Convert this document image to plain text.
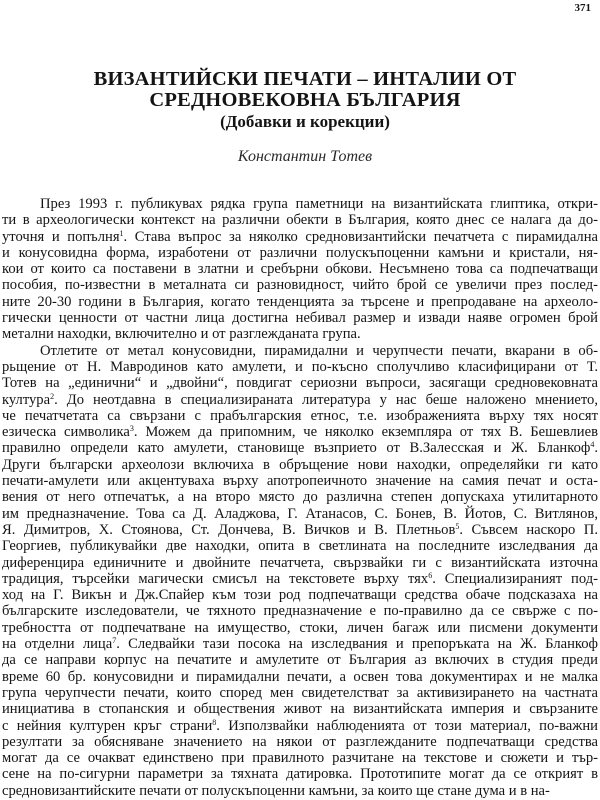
371
ВИЗАНТИЙСКИ ПЕЧАТИ – ИНТАЛИИ ОТ
СРЕДНОВЕКОВНА БЪЛГАРИЯ
(Добавки и корекции)
Константин Тотев
През 1993 г. публикувах рядка група паметници на византийската глиптика, откри-
ти в археологически контекст на различни обекти в България, която днес се налага да до-
уточня и попълня$^1$. Става въпрос за няколко средновизантийски печатчета с пирамидална
и конусовидна форма, изработени от различни полускъпоценни камъни и кристали, ня-
кои от които са поставени в златни и сребърни обкови. Несъмнено това са подпечатващи
пособия, по-известни в металната си разновидност, чийто брой се увеличи през послед-
ните 20-30 години в България, когато тенденцията за търсене и препродаване на археоло-
гически ценности от частни лица достигна небивал размер и извади наяве огромен брой
метални находки, включително и от разглежданата група.
Отлетите от метал конусовидни, пирамидални и черупчести печати, вкарани в об-
рьщение от Н. Мавродинов като амулети, и по-късно сполучливо класифицирани от Т.
Тотев на „единични“ и „двойни“, повдигат сериозни въпроси, засягащи средновековната
култура$^2$. До неотдавна в специализираната литература у нас беше наложено мнението,
че печатчетата са свързани с прабългарския етнос, т.е. изображенията върху тях носят
езическа символика$^3$. Можем да припомним, че няколко екземпляра от тях В. Бешевлиев
правилно определи като амулети, становище възприето от В.Залесская и Ж. Бланкоф$^4$.
Други български археолози включиха в обръщение нови находки, определяйки ги като
печати-амулети или акцентуваха върху апотропеичното значение на самия печат и оста-
вения от него отпечатък, а на второ място до различна степен допускаха утилитарното
им предназначение. Това са Д. Аладжова, Г. Атанасов, С. Бонев, В. Йотов, С. Витлянов,
Я. Димитров, Х. Стоянова, Ст. Дончева, В. Вичков и В. Плетньов$^5$. Съвсем наскоро П.
Георгиев, публикувайки две находки, опита в светлината на последните изследвания да
диференцира единичните и двойните печатчета, свързвайки ги с византийската източна
традиция, търсейки магически смисъл на текстовете върху тях$^6$. Специализираният под-
ход на Г. Викън и Дж.Спайер към този род подпечатващи средства обаче подсказаха на
българските изследователи, че тяхното предназначение е по-правилно да се свърже с по-
требността от подпечатване на имущество, стоки, личен багаж или писмени документи
на отделни лица$^7$. Следвайки тази посока на изследвания и препоръката на Ж. Бланкоф
да се направи корпус на печатите и амулетите от България аз включих в студия преди
време 60 бр. конусовидни и пирамидални печати, а освен това документирах и не малка
група черупчести печати, които според мен свидетелстват за активизирането на частната
инициатива в стопанския и обществения живот на византийската империя и свързаните
с нейния културен кръг страни$^8$. Използвайки наблюденията от този материал, по-важни
резултати за обясняване значението на някои от разглежданите подпечатващи средства
могат да се очакват единствено при правилното разчитане на текстове и сюжети и тър-
сене на по-сигурни параметри за тяхната датировка. Прототипите могат да се открият в
средновизантийските печати от полускъпоценни камъни, за които ще стане дума и в на-
